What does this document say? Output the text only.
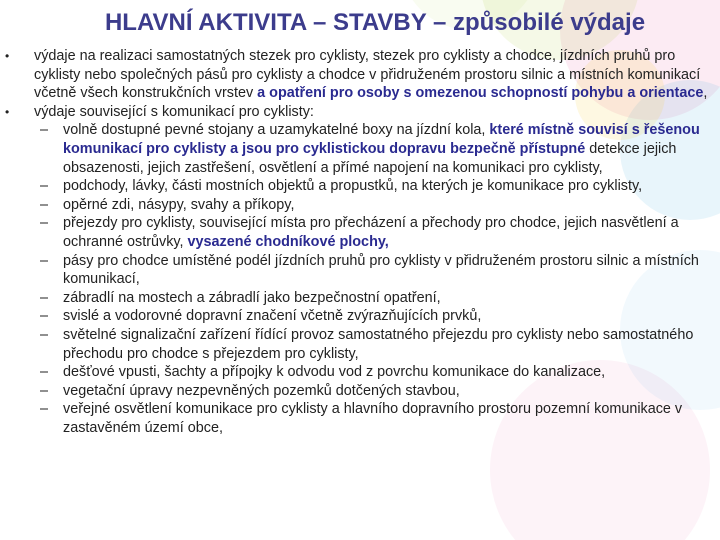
HLAVNÍ AKTIVITA – STAVBY – způsobilé výdaje
• výdaje na realizaci samostatných stezek pro cyklisty, stezek pro cyklisty a chodce, jízdních pruhů pro cyklisty nebo společných pásů pro cyklisty a chodce v přidruženém prostoru silnic a místních komunikací včetně všech konstrukčních vrstev a opatření pro osoby s omezenou schopností pohybu a orientace,
• výdaje související s komunikací pro cyklisty:
– volně dostupné pevné stojany a uzamykatelné boxy na jízdní kola, které místně souvisí s řešenou komunikací pro cyklisty a jsou pro cyklistickou dopravu bezpečně přístupné detekce jejich obsazenosti, jejich zastřešení, osvětlení a přímé napojení na komunikaci pro cyklisty,
– podchody, lávky, části mostních objektů a propustků, na kterých je komunikace pro cyklisty,
– opěrné zdi, násypy, svahy a příkopy,
– přejezdy pro cyklisty, související místa pro přecházení a přechody pro chodce, jejich nasvětlení a ochranné ostrůvky, vysazené chodníkové plochy,
– pásy pro chodce umístěné podél jízdních pruhů pro cyklisty v přidruženém prostoru silnic a místních komunikací,
– zábradlí na mostech a zábradlí jako bezpečnostní opatření,
– svislé a vodorovné dopravní značení včetně zvýrazňujících prvků,
– světelné signalizační zařízení řídící provoz samostatného přejezdu pro cyklisty nebo samostatného přechodu pro chodce s přejezdem pro cyklisty,
– dešťové vpusti, šachty a přípojky k odvodu vod z povrchu komunikace do kanalizace,
– vegetační úpravy nezpevněných pozemků dotčených stavbou,
– veřejné osvětlení komunikace pro cyklisty a hlavního dopravního prostoru pozemní komunikace v zastavěném území obce,
